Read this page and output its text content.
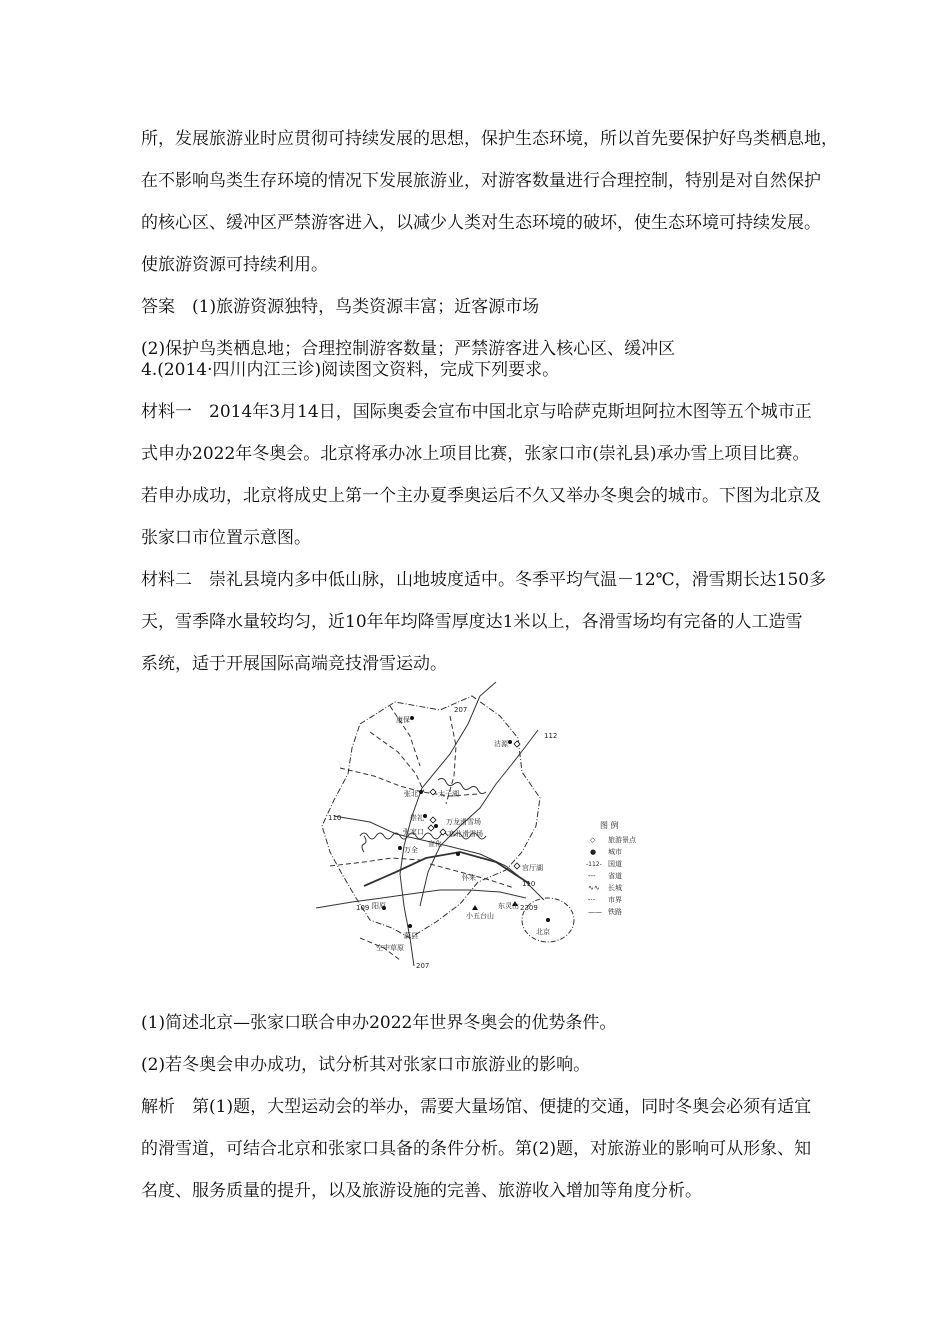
所，发展旅游业时应贯彻可持续发展的思想，保护生态环境，所以首先要保护好鸟类栖息地，
在不影响鸟类生存环境的情况下发展旅游业，对游客数量进行合理控制，特别是对自然保护
的核心区、缓冲区严禁游客进入，以减少人类对生态环境的破坏，使生态环境可持续发展。
使旅游资源可持续利用。

答案　(1)旅游资源独特，鸟类资源丰富；近客源市场
(2)保护鸟类栖息地；合理控制游客数量；严禁游客进入核心区、缓冲区

4.(2014·四川内江三诊)阅读图文资料，完成下列要求。

材料一　2014年3月14日，国际奥委会宣布中国北京与哈萨克斯坦阿拉木图等五个城市正
式申办2022年冬奥会。北京将承办冰上项目比赛，张家口市(崇礼县)承办雪上项目比赛。
若申办成功，北京将成史上第一个主办夏季奥运后不久又举办冬奥会的城市。下图为北京及
张家口市位置示意图。

材料二　崇礼县境内多中低山脉，山地坡度适中。冬季平均气温－12℃，滑雪期长达150多
天，雪季降水量较均匀，近10年年均降雪厚度达1米以上，各滑雪场均有完备的人工造雪
系统，适于开展国际高端竞技滑雪运动。

康保
沽源
张北	太子湖
崇礼	万龙滑雪场
塞北滑雪场
张家口
宣化
万全
官厅湖
怀来
阳原
小五台山
东灵山 2309
蔚县
空中草原
北京
207
207
112
110
110
109
图 例
◇ 旅游景点
● 城市
-112- 国道
--- 省道
∿∿ 长城
-·- 市界
—— 铁路

(1)简述北京—张家口联合申办2022年世界冬奥会的优势条件。
(2)若冬奥会申办成功，试分析其对张家口市旅游业的影响。

解析　第(1)题，大型运动会的举办，需要大量场馆、便捷的交通，同时冬奥会必须有适宜
的滑雪道，可结合北京和张家口具备的条件分析。第(2)题，对旅游业的影响可从形象、知
名度、服务质量的提升，以及旅游设施的完善、旅游收入增加等角度分析。
